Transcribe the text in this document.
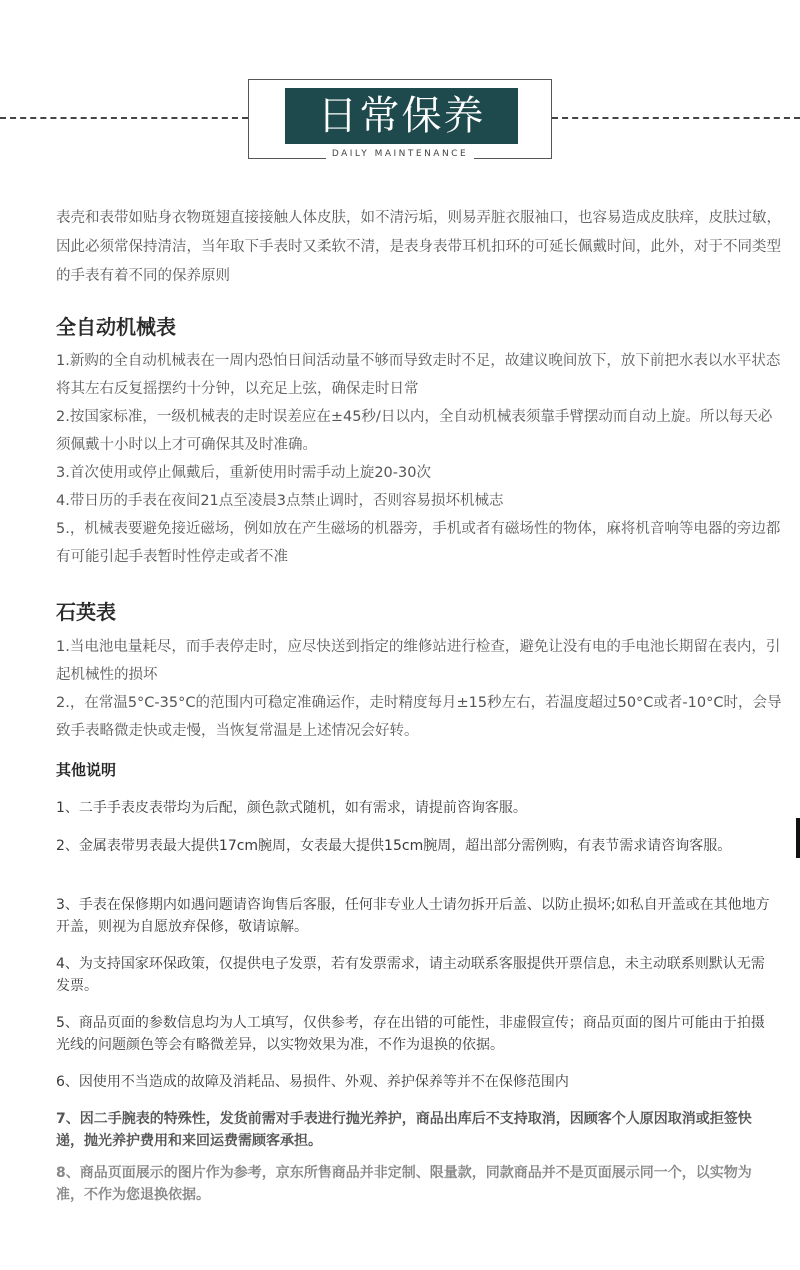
日常保养
DAILY MAINTENANCE
表壳和表带如贴身衣物斑翅直接接触人体皮肤，如不清污垢，则易弄脏衣服袖口，也容易造成皮肤痒，皮肤过敏，因此必须常保持清洁，当年取下手表时又柔软不清，是表身表带耳机扣环的可延长佩戴时间，此外，对于不同类型的手表有着不同的保养原则
全自动机械表

1.新购的全自动机械表在一周内恐怕日间活动量不够而导致走时不足，故建议晚间放下，放下前把水表以水平状态将其左右反复摇摆约十分钟，以充足上弦，确保走时日常

2.按国家标准，一级机械表的走时误差应在±45秒/日以内，全自动机械表须靠手臂摆动而自动上旋。所以每天必须佩戴十小时以上才可确保其及时准确。

3.首次使用或停止佩戴后，重新使用时需手动上旋20-30次

4.带日历的手表在夜间21点至凌晨3点禁止调时，否则容易损坏机械志

5.，机械表要避免接近磁场，例如放在产生磁场的机器旁，手机或者有磁场性的物体，麻将机音响等电器的旁边都有可能引起手表暂时性停走或者不准

石英表

1.当电池电量耗尽，而手表停走时，应尽快送到指定的维修站进行检查，避免让没有电的手电池长期留在表内，引起机械性的损坏

2.，在常温5°C-35°C的范围内可稳定准确运作，走时精度每月±15秒左右，若温度超过50°C或者-10°C时，会导致手表略微走快或走慢，当恢复常温是上述情况会好转。

其他说明
1、二手手表皮表带均为后配，颜色款式随机，如有需求，请提前咨询客服。
2、金属表带男表最大提供17cm腕周，女表最大提供15cm腕周，超出部分需例购，有表节需求请咨询客服。
3、手表在保修期内如遇问题请咨询售后客服，任何非专业人士请勿拆开后盖、以防止损坏;如私自开盖或在其他地方开盖，则视为自愿放弃保修，敬请谅解。
4、为支持国家环保政策，仅提供电子发票，若有发票需求，请主动联系客服提供开票信息，未主动联系则默认无需发票。
5、商品页面的参数信息均为人工填写，仅供参考，存在出错的可能性，非虚假宣传；商品页面的图片可能由于拍摄光线的问题颜色等会有略微差异，以实物效果为准，不作为退换的依据。
6、因使用不当造成的故障及消耗品、易损件、外观、养护保养等并不在保修范围内
7、因二手腕表的特殊性，发货前需对手表进行抛光养护，商品出库后不支持取消，因顾客个人原因取消或拒签快递，抛光养护费用和来回运费需顾客承担。
8、商品页面展示的图片作为参考，京东所售商品并非定制、限量款，同款商品并不是页面展示同一个，以实物为准，不作为您退换依据。
